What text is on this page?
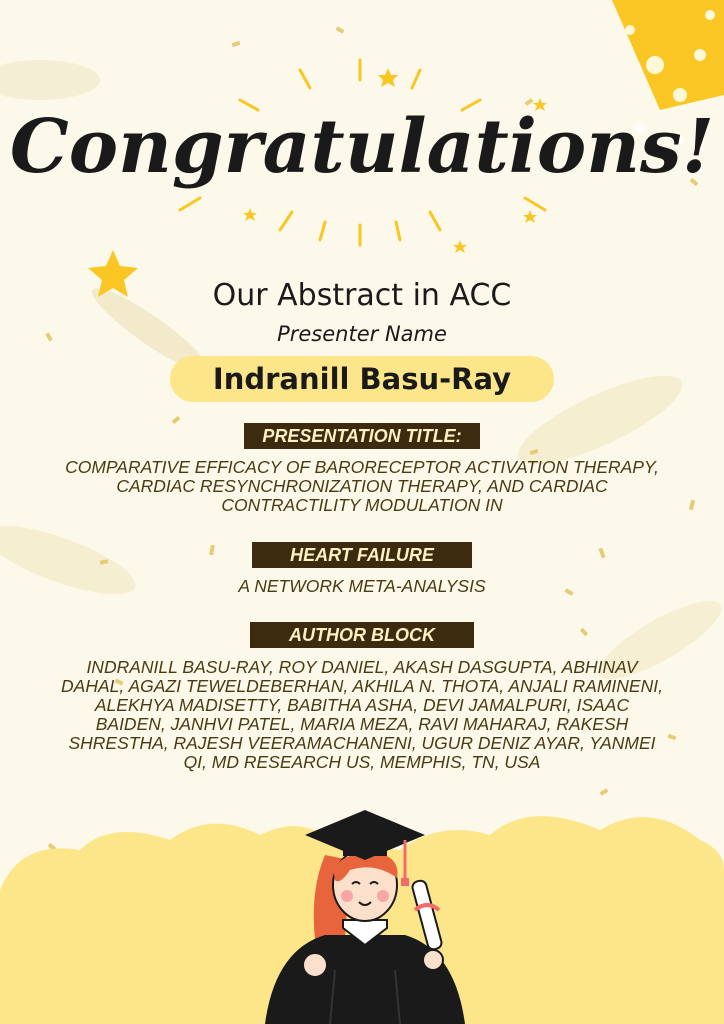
Congratulations!
Our Abstract in ACC
Presenter Name
Indranill Basu-Ray
PRESENTATION TITLE:
COMPARATIVE EFFICACY OF BARORECEPTOR ACTIVATION THERAPY, CARDIAC RESYNCHRONIZATION THERAPY, AND CARDIAC CONTRACTILITY MODULATION IN
HEART FAILURE
A NETWORK META-ANALYSIS
AUTHOR BLOCK
INDRANILL BASU-RAY, ROY DANIEL, AKASH DASGUPTA, ABHINAV DAHAL, AGAZI TEWELDEBERHAN, AKHILA N. THOTA, ANJALI RAMINENI, ALEKHYA MADISETTY, BABITHA ASHA, DEVI JAMALPURI, ISAAC BAIDEN, JANHVI PATEL, MARIA MEZA, RAVI MAHARAJ, RAKESH SHRESTHA, RAJESH VEERAMACHANENI, UGUR DENIZ AYAR, YANMEI QI, MD RESEARCH US, MEMPHIS, TN, USA
